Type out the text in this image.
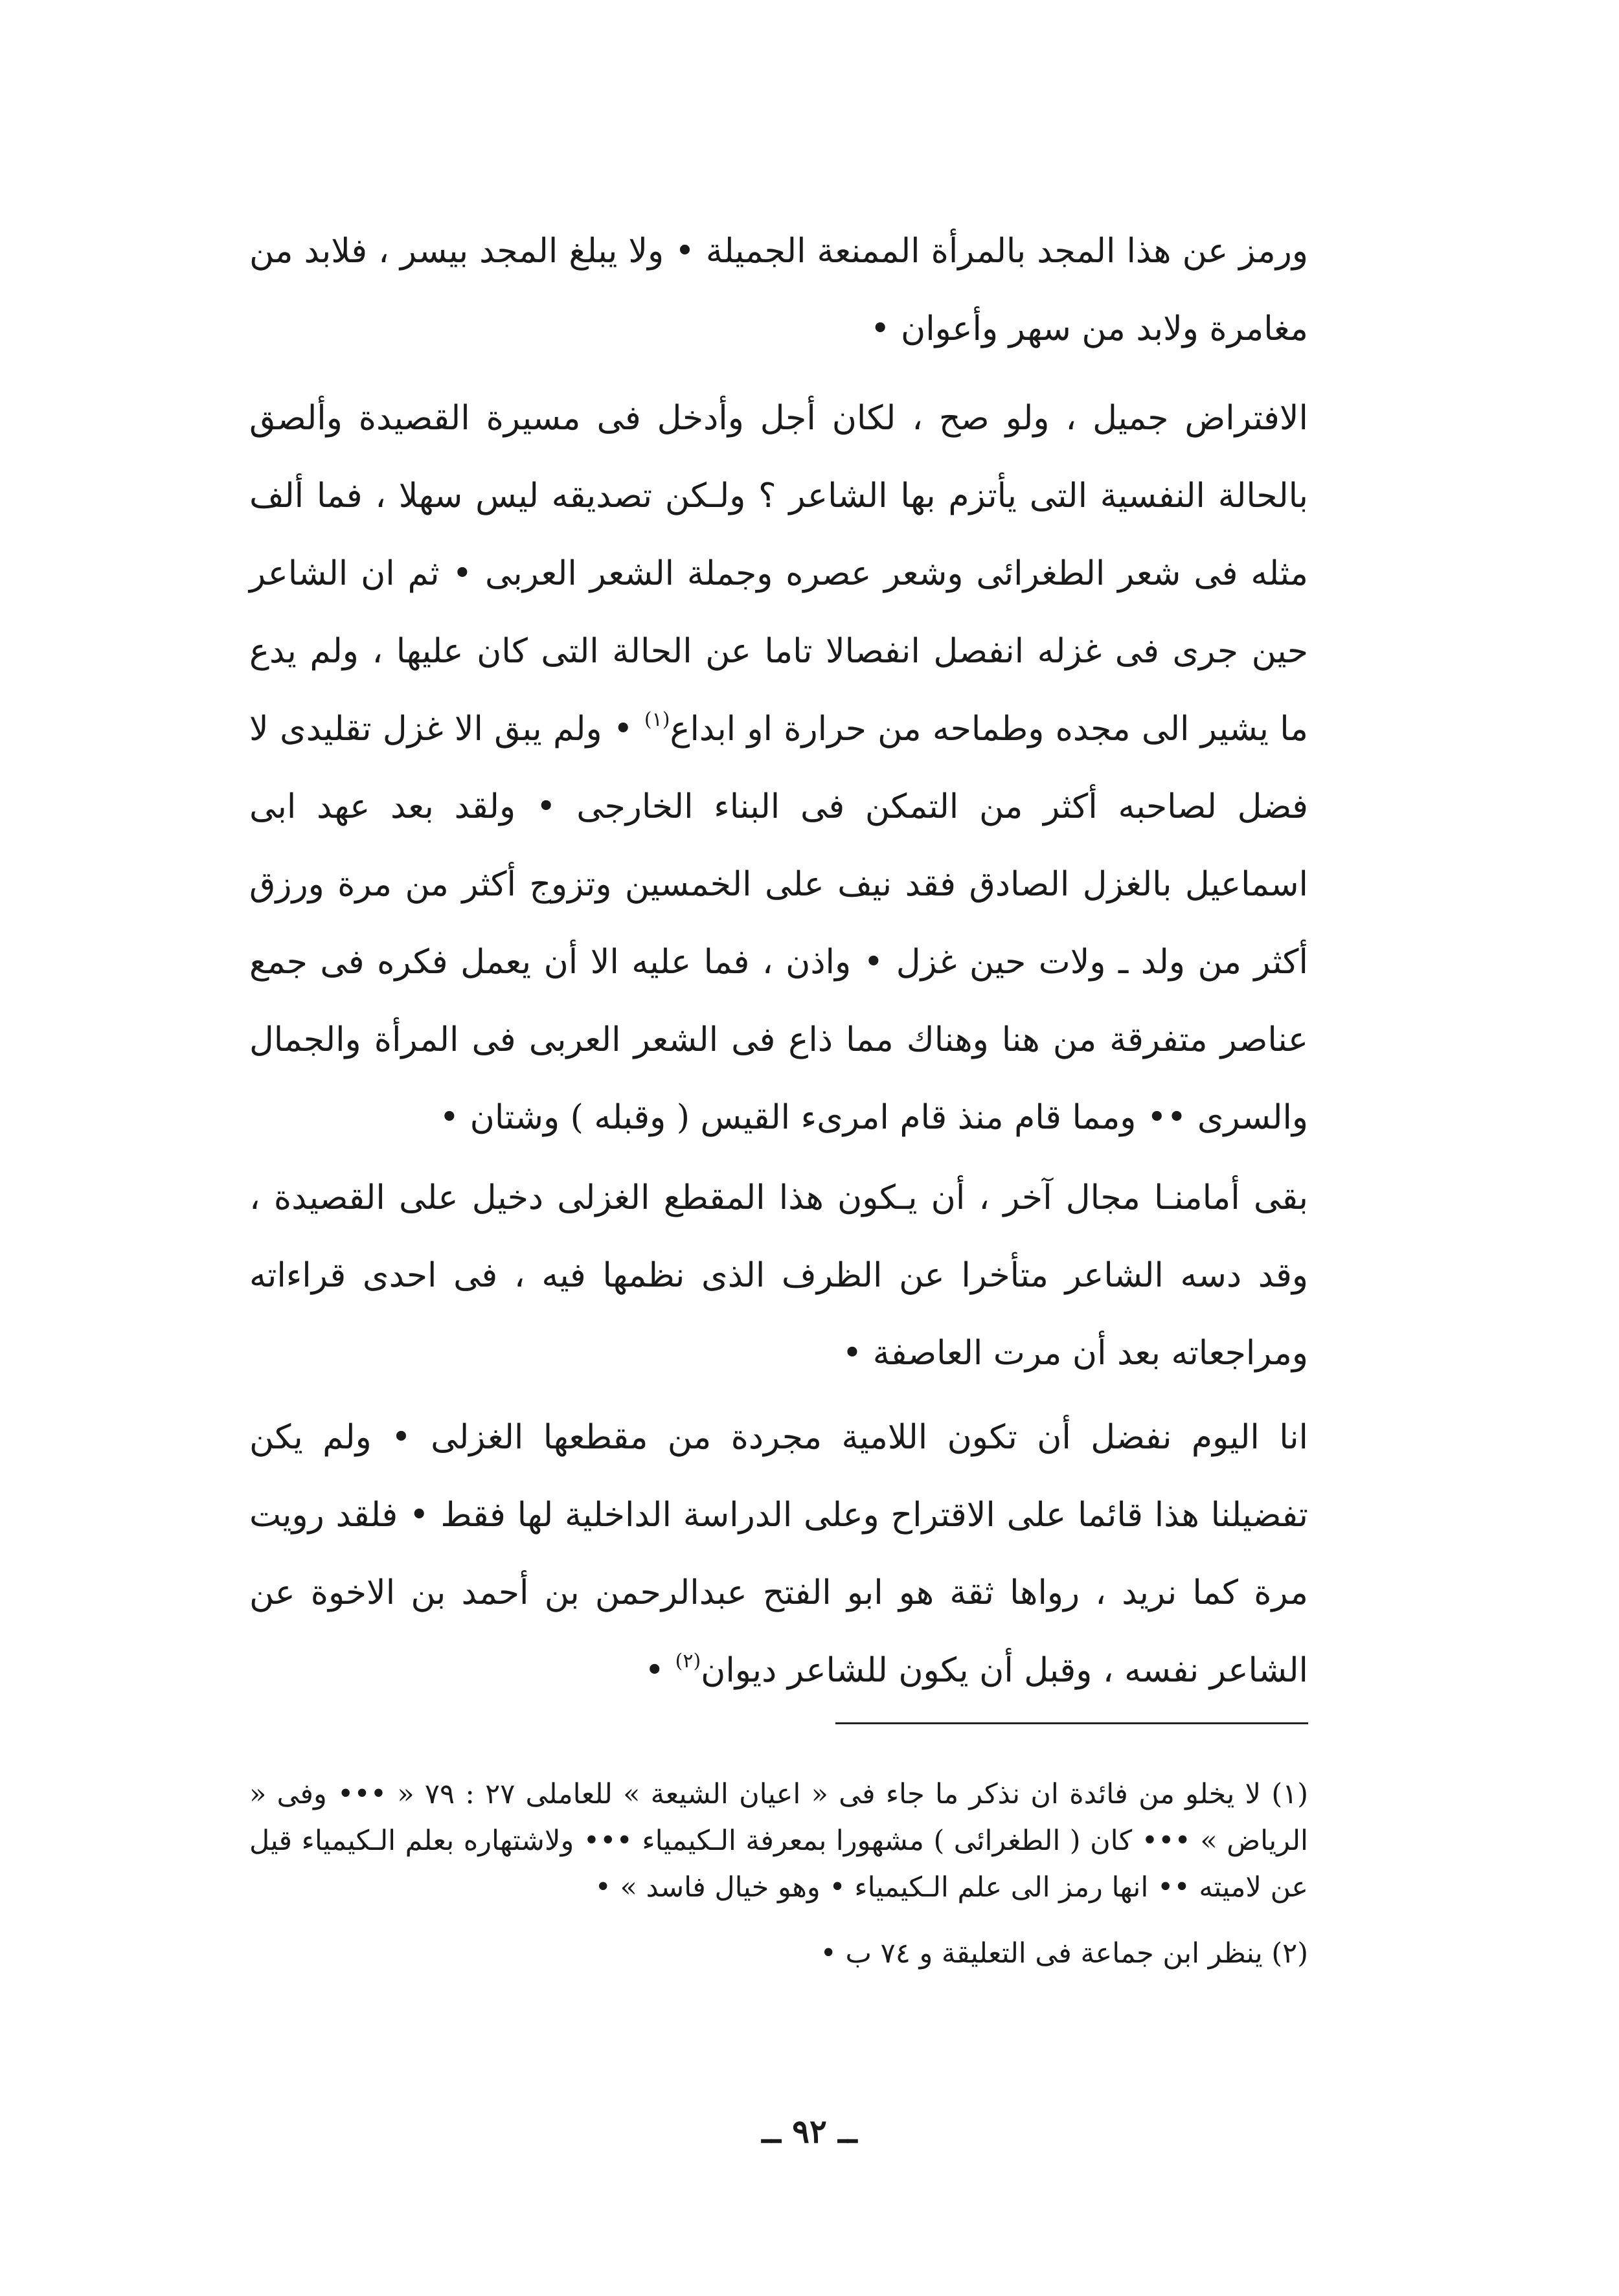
ورمز عن هذا المجد بالمرأة الممنعة الجميلة • ولا يبلغ المجد بيسر ، فلابد من مغامرة ولابد من سهر وأعوان •

الافتراض جميل ، ولو صح ، لكان أجل وأدخل فى مسيرة القصيدة وألصق بالحالة النفسية التى يأتزم بها الشاعر ؟ ولـكن تصديقه ليس سهلا ، فما ألف مثله فى شعر الطغرائى وشعر عصره وجملة الشعر العربى • ثم ان الشاعر حين جرى فى غزله انفصل انفصالا تاما عن الحالة التى كان عليها ، ولم يدع ما يشير الى مجده وطماحه من حرارة او ابداع$^{(١)}$ • ولم يبق الا غزل تقليدى لا فضل لصاحبه أكثر من التمكن فى البناء الخارجى • ولقد بعد عهد ابى اسماعيل بالغزل الصادق فقد نيف على الخمسين وتزوج أكثر من مرة ورزق أكثر من ولد ـ ولات حين غزل • واذن ، فما عليه الا أن يعمل فكره فى جمع عناصر متفرقة من هنا وهناك مما ذاع فى الشعر العربى فى المرأة والجمال والسرى •• ومما قام منذ قام امرىء القيس ( وقبله ) وشتان •

بقى أمامنـا مجال آخر ، أن يـكون هذا المقطع الغزلى دخيل على القصيدة ، وقد دسه الشاعر متأخرا عن الظرف الذى نظمها فيه ، فى احدى قراءاته ومراجعاته بعد أن مرت العاصفة •

انا اليوم نفضل أن تكون اللامية مجردة من مقطعها الغزلى • ولم يكن تفضيلنا هذا قائما على الاقتراح وعلى الدراسة الداخلية لها فقط • فلقد رويت مرة كما نريد ، رواها ثقة هو ابو الفتح عبدالرحمن بن أحمد بن الاخوة عن الشاعر نفسه ، وقبل أن يكون للشاعر ديوان$^{(٢)}$ •

(١) لا يخلو من فائدة ان نذكر ما جاء فى « اعيان الشيعة » للعاملى ٢٧ : ٧٩ « ••• وفى « الرياض » ••• كان ( الطغرائى ) مشهورا بمعرفة الـكيمياء ••• ولاشتهاره بعلم الـكيمياء قيل عن لاميته •• انها رمز الى علم الـكيمياء • وهو خيال فاسد » •

(٢) ينظر ابن جماعة فى التعليقة و ٧٤ ب •

ــ ٩٢ ــ
